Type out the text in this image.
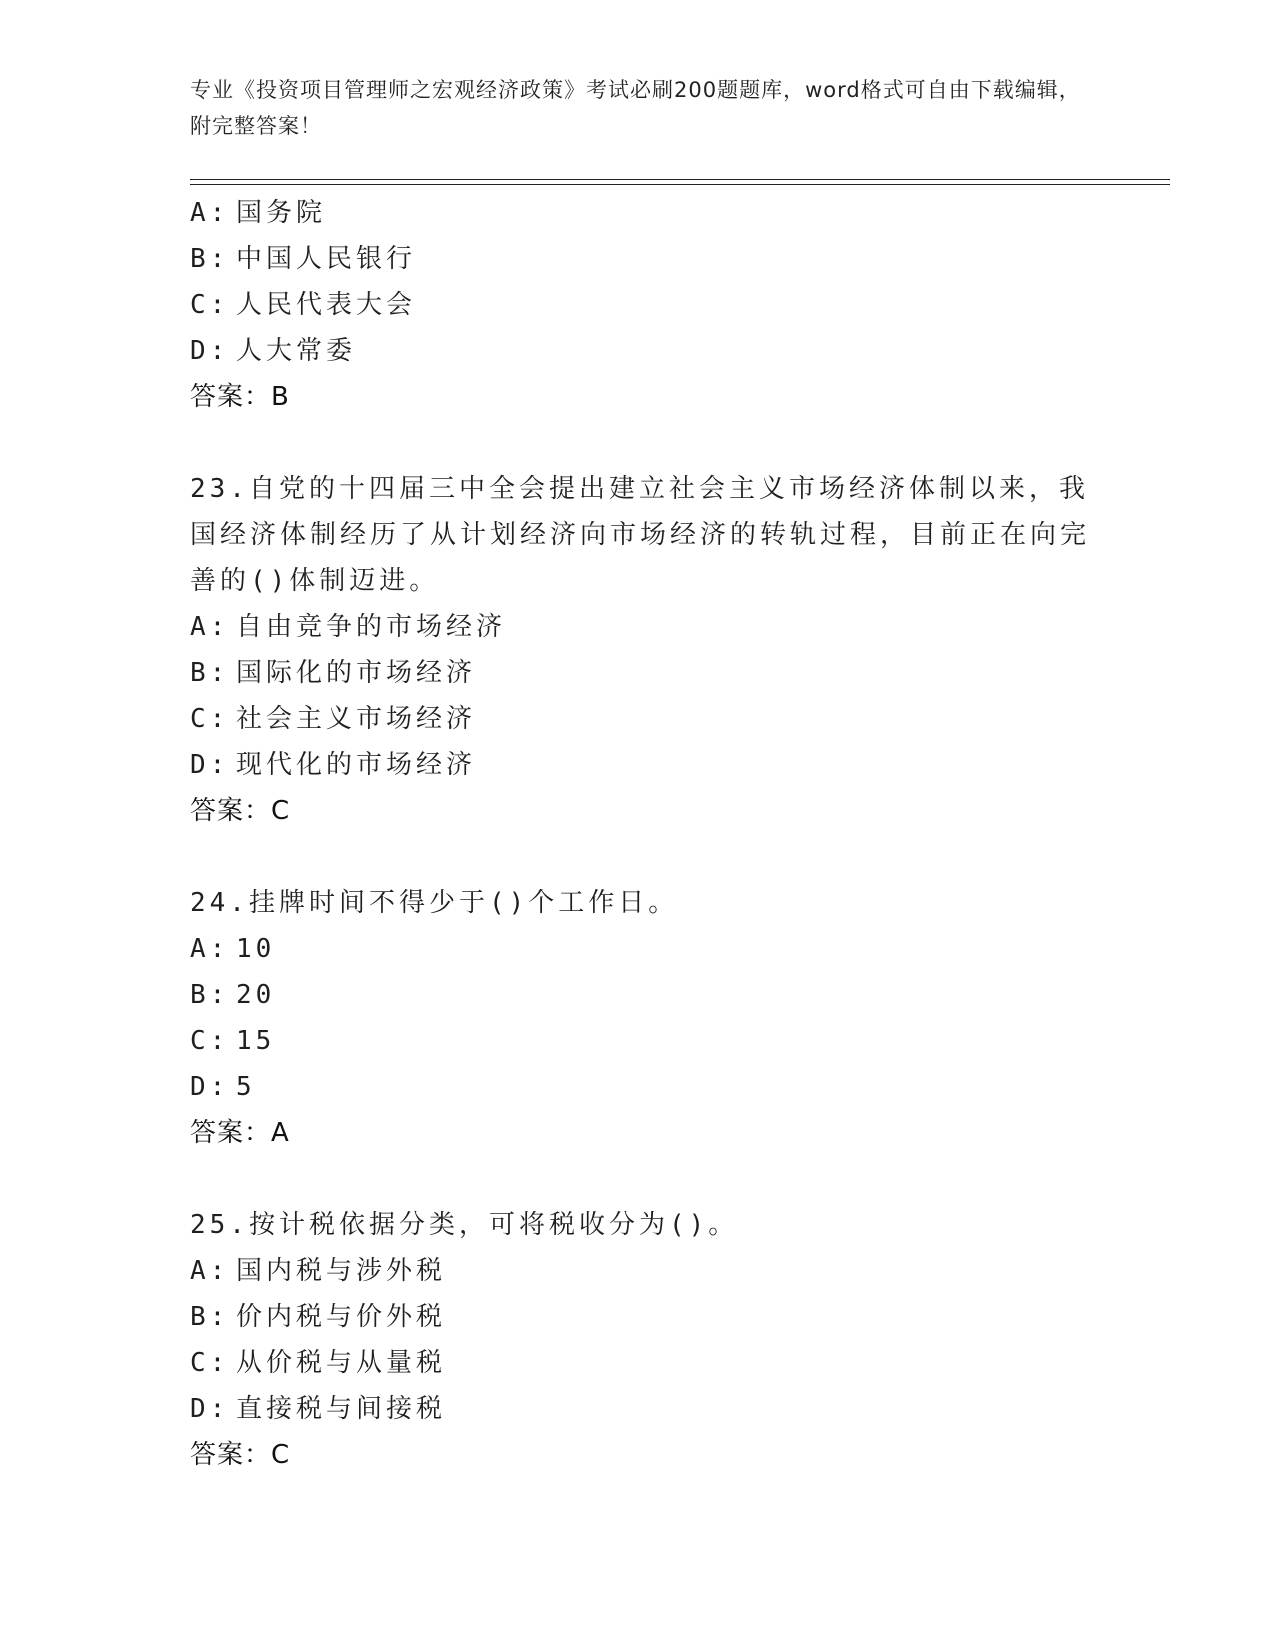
专业《投资项目管理师之宏观经济政策》考试必刷200题题库，word格式可自由下载编辑，附完整答案！
A: 国务院
B: 中国人民银行
C: 人民代表大会
D: 人大常委
答案：B
23.自党的十四届三中全会提出建立社会主义市场经济体制以来，我国经济体制经历了从计划经济向市场经济的转轨过程，目前正在向完善的()体制迈进。
A: 自由竞争的市场经济
B: 国际化的市场经济
C: 社会主义市场经济
D: 现代化的市场经济
答案：C
24.挂牌时间不得少于()个工作日。
A: 10
B: 20
C: 15
D: 5
答案：A
25.按计税依据分类，可将税收分为()。
A: 国内税与涉外税
B: 价内税与价外税
C: 从价税与从量税
D: 直接税与间接税
答案：C
